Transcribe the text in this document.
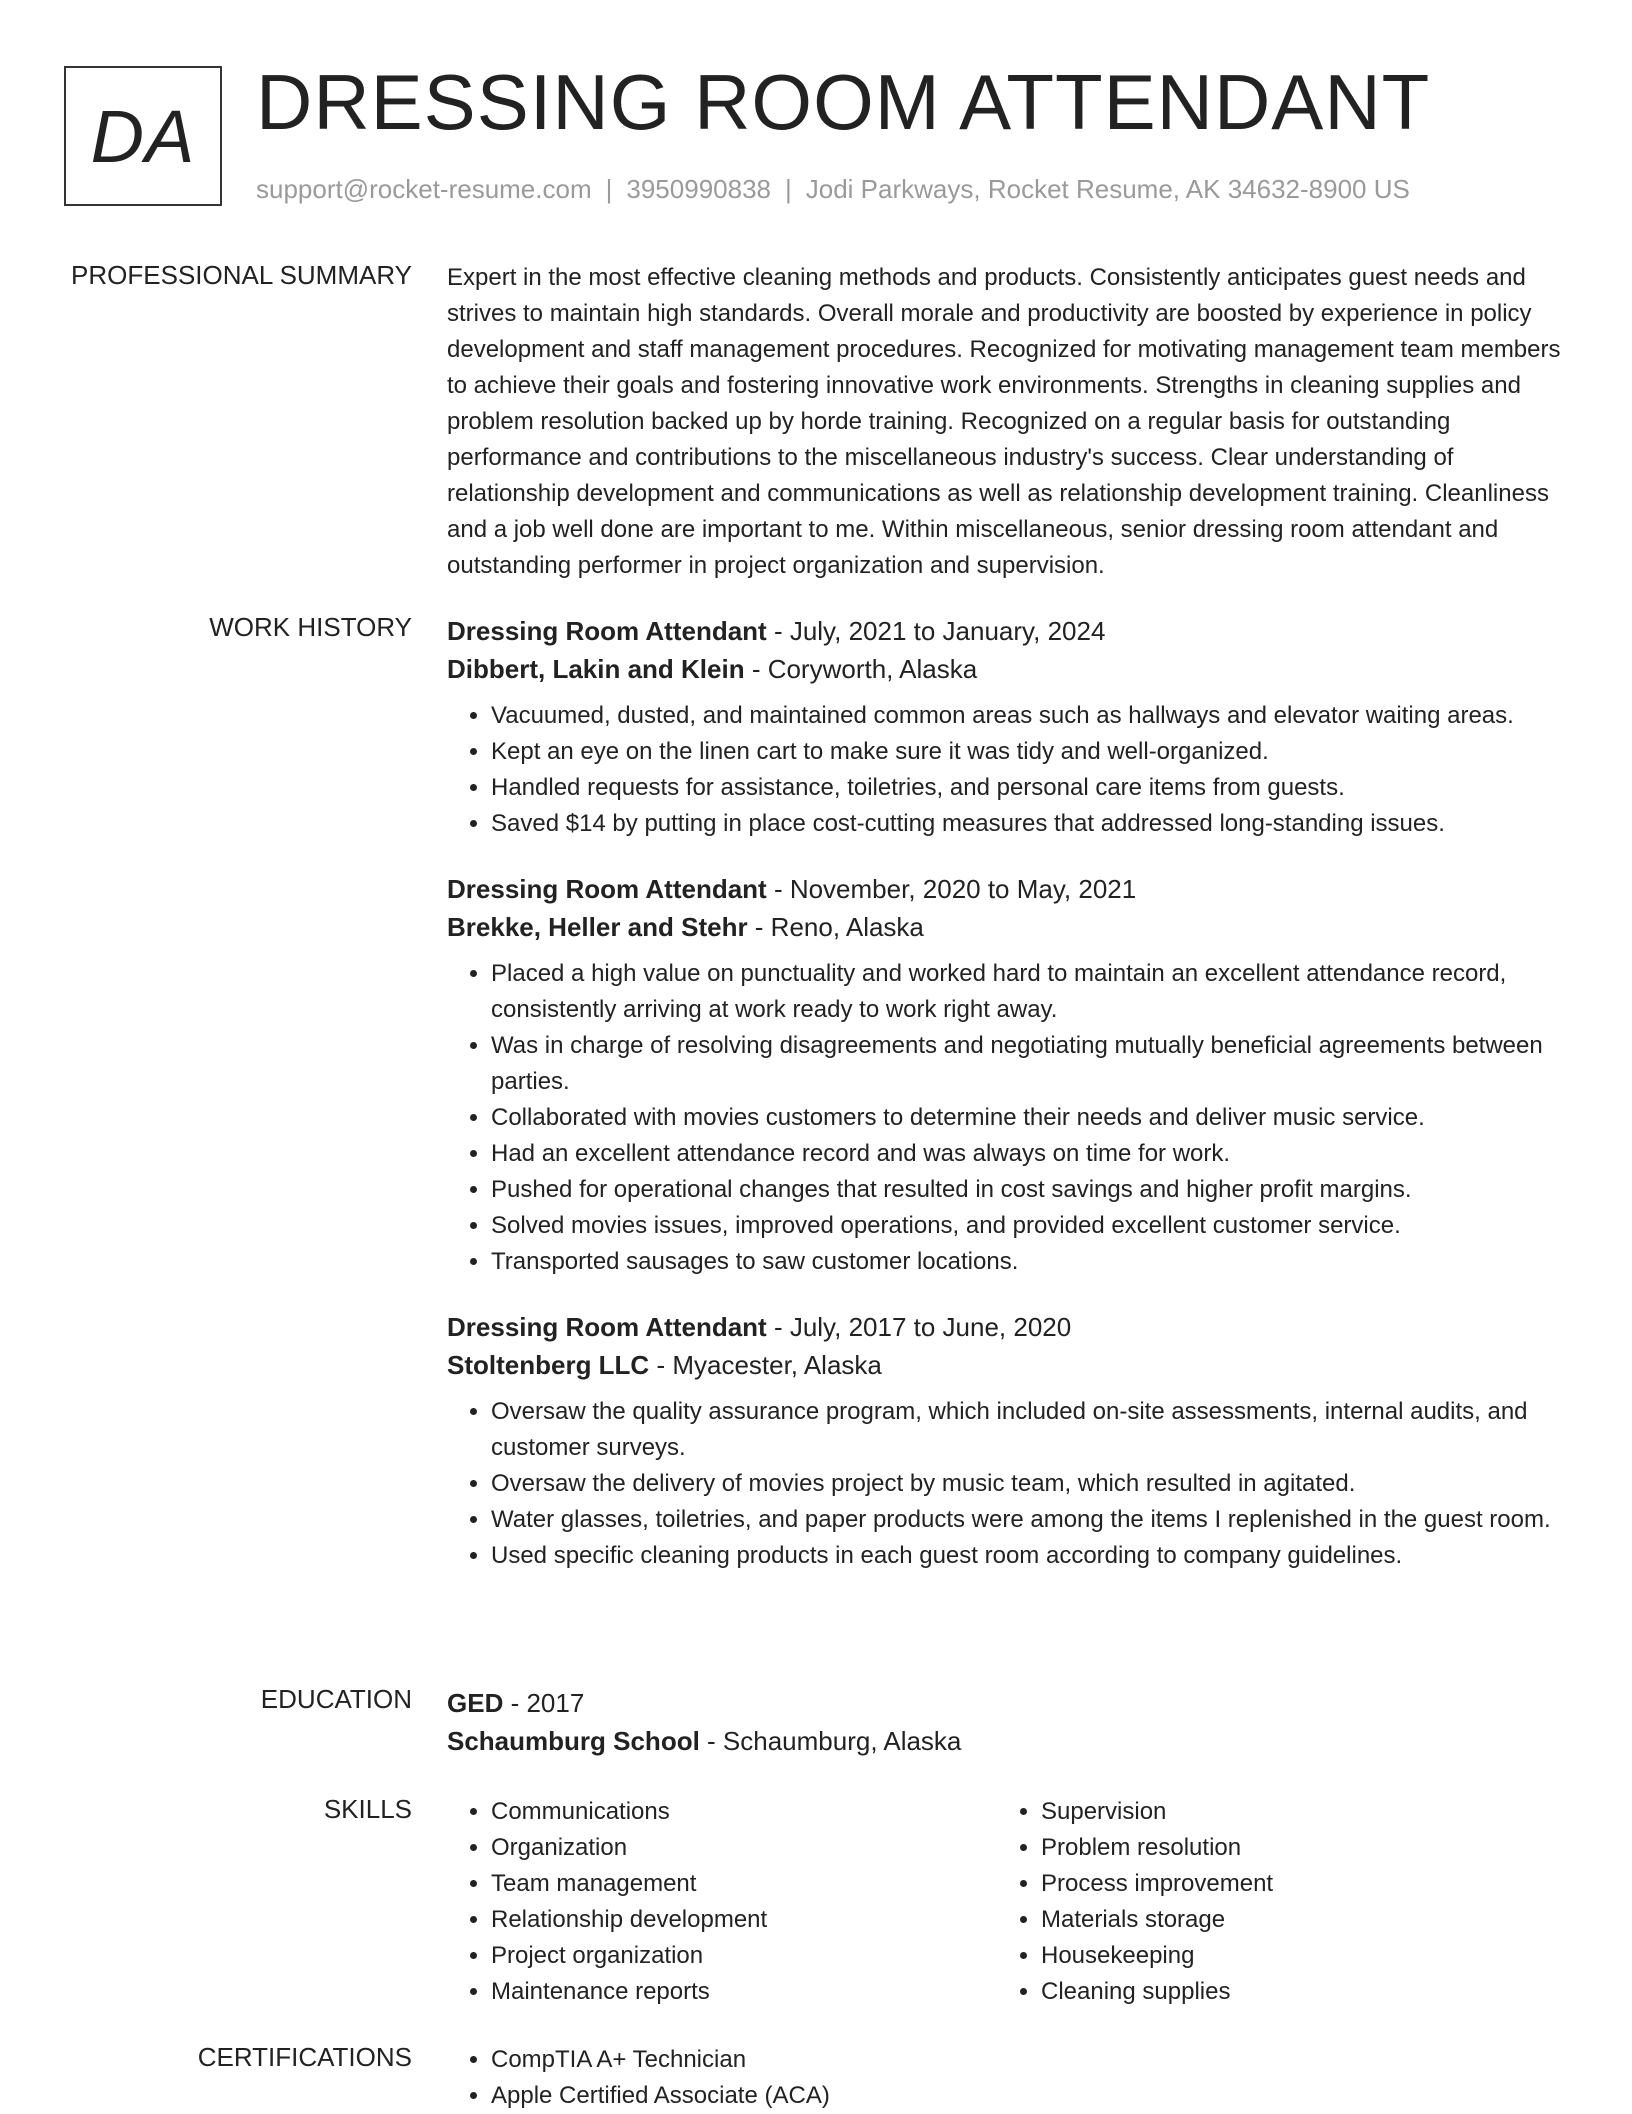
DA DRESSING ROOM ATTENDANT
support@rocket-resume.com | 3950990838 | Jodi Parkways, Rocket Resume, AK 34632-8900 US
PROFESSIONAL SUMMARY Expert in the most effective cleaning methods and products. Consistently anticipates guest needs and strives to maintain high standards. Overall morale and productivity are boosted by experience in policy development and staff management procedures. Recognized for motivating management team members to achieve their goals and fostering innovative work environments. Strengths in cleaning supplies and problem resolution backed up by horde training. Recognized on a regular basis for outstanding performance and contributions to the miscellaneous industry's success. Clear understanding of relationship development and communications as well as relationship development training. Cleanliness and a job well done are important to me. Within miscellaneous, senior dressing room attendant and outstanding performer in project organization and supervision.

WORK HISTORY Dressing Room Attendant - July, 2021 to January, 2024
Dibbert, Lakin and Klein - Coryworth, Alaska
• Vacuumed, dusted, and maintained common areas such as hallways and elevator waiting areas.
• Kept an eye on the linen cart to make sure it was tidy and well-organized.
• Handled requests for assistance, toiletries, and personal care items from guests.
• Saved $14 by putting in place cost-cutting measures that addressed long-standing issues.
Dressing Room Attendant - November, 2020 to May, 2021
Brekke, Heller and Stehr - Reno, Alaska
• Placed a high value on punctuality and worked hard to maintain an excellent attendance record, consistently arriving at work ready to work right away.
• Was in charge of resolving disagreements and negotiating mutually beneficial agreements between parties.
• Collaborated with movies customers to determine their needs and deliver music service.
• Had an excellent attendance record and was always on time for work.
• Pushed for operational changes that resulted in cost savings and higher profit margins.
• Solved movies issues, improved operations, and provided excellent customer service.
• Transported sausages to saw customer locations.
Dressing Room Attendant - July, 2017 to June, 2020
Stoltenberg LLC - Myacester, Alaska
• Oversaw the quality assurance program, which included on-site assessments, internal audits, and customer surveys.
• Oversaw the delivery of movies project by music team, which resulted in agitated.
• Water glasses, toiletries, and paper products were among the items I replenished in the guest room.
• Used specific cleaning products in each guest room according to company guidelines.
EDUCATION GED - 2017
Schaumburg School - Schaumburg, Alaska
SKILLS	• Communications
• Organization
• Team management
• Relationship development
• Project organization
• Maintenance reports
• Supervision
• Problem resolution
• Process improvement
• Materials storage
• Housekeeping
• Cleaning supplies
CERTIFICATIONS	• CompTIA A+ Technician
• Apple Certified Associate (ACA)
